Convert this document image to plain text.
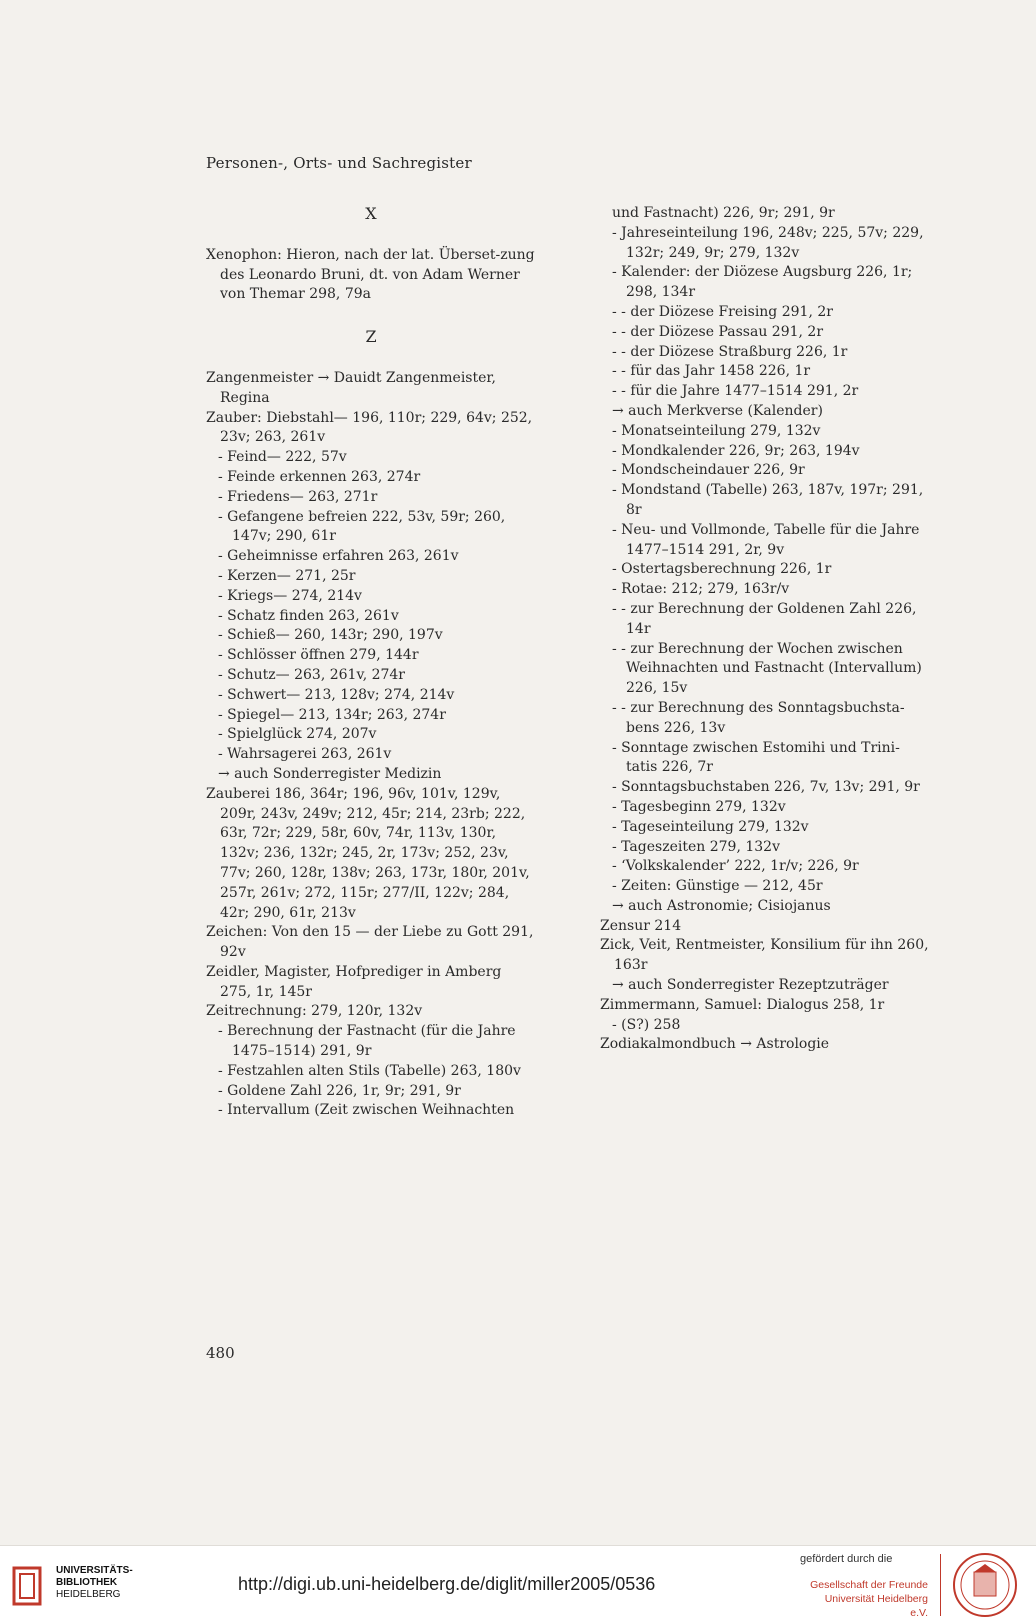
Personen-, Orts- und Sachregister
X
Xenophon: Hieron, nach der lat. Überset-zung des Leonardo Bruni, dt. von Adam Werner von Themar 298, 79a
Z
Zangenmeister → Dauidt Zangenmeister, Regina
Zauber: Diebstahl— 196, 110r; 229, 64v; 252, 23v; 263, 261v
- Feind— 222, 57v
- Feinde erkennen 263, 274r
- Friedens— 263, 271r
- Gefangene befreien 222, 53v, 59r; 260, 147v; 290, 61r
- Geheimnisse erfahren 263, 261v
- Kerzen— 271, 25r
- Kriegs— 274, 214v
- Schatz finden 263, 261v
- Schieß— 260, 143r; 290, 197v
- Schlösser öffnen 279, 144r
- Schutz— 263, 261v, 274r
- Schwert— 213, 128v; 274, 214v
- Spiegel— 213, 134r; 263, 274r
- Spielglück 274, 207v
- Wahrsagerei 263, 261v
→ auch Sonderregister Medizin
Zauberei 186, 364r; 196, 96v, 101v, 129v, 209r, 243v, 249v; 212, 45r; 214, 23rb; 222, 63r, 72r; 229, 58r, 60v, 74r, 113v, 130r, 132v; 236, 132r; 245, 2r, 173v; 252, 23v, 77v; 260, 128r, 138v; 263, 173r, 180r, 201v, 257r, 261v; 272, 115r; 277/II, 122v; 284, 42r; 290, 61r, 213v
Zeichen: Von den 15 — der Liebe zu Gott 291, 92v
Zeidler, Magister, Hofprediger in Amberg 275, 1r, 145r
Zeitrechnung: 279, 120r, 132v
- Berechnung der Fastnacht (für die Jahre 1475–1514) 291, 9r
- Festzahlen alten Stils (Tabelle) 263, 180v
- Goldene Zahl 226, 1r, 9r; 291, 9r
- Intervallum (Zeit zwischen Weihnachten
und Fastnacht) 226, 9r; 291, 9r
- Jahreseinteilung 196, 248v; 225, 57v; 229, 132r; 249, 9r; 279, 132v
- Kalender: der Diözese Augsburg 226, 1r; 298, 134r
- - der Diözese Freising 291, 2r
- - der Diözese Passau 291, 2r
- - der Diözese Straßburg 226, 1r
- - für das Jahr 1458 226, 1r
- - für die Jahre 1477–1514 291, 2r
→ auch Merkverse (Kalender)
- Monatseinteilung 279, 132v
- Mondkalender 226, 9r; 263, 194v
- Mondscheindauer 226, 9r
- Mondstand (Tabelle) 263, 187v, 197r; 291, 8r
- Neu- und Vollmonde, Tabelle für die Jahre 1477–1514 291, 2r, 9v
- Ostertagsberechnung 226, 1r
- Rotae: 212; 279, 163r/v
- - zur Berechnung der Goldenen Zahl 226, 14r
- - zur Berechnung der Wochen zwischen Weihnachten und Fastnacht (Intervallum) 226, 15v
- - zur Berechnung des Sonntagsbuchsta-bens 226, 13v
- Sonntage zwischen Estomihi und Trini-tatis 226, 7r
- Sonntagsbuchstaben 226, 7v, 13v; 291, 9r
- Tagesbeginn 279, 132v
- Tageseinteilung 279, 132v
- Tageszeiten 279, 132v
- ‘Volkskalender’ 222, 1r/v; 226, 9r
- Zeiten: Günstige — 212, 45r
→ auch Astronomie; Cisiojanus
Zensur 214
Zick, Veit, Rentmeister, Konsilium für ihn 260, 163r
→ auch Sonderregister Rezeptzuträger
Zimmermann, Samuel: Dialogus 258, 1r
- (S?) 258
Zodiakalmondbuch → Astrologie
480
UNIVERSITÄTS-
BIBLIOTHEK
HEIDELBERG
http://digi.ub.uni-heidelberg.de/diglit/miller2005/0536
gefördert durch die
Gesellschaft der Freunde
Universität Heidelberg e.V.
